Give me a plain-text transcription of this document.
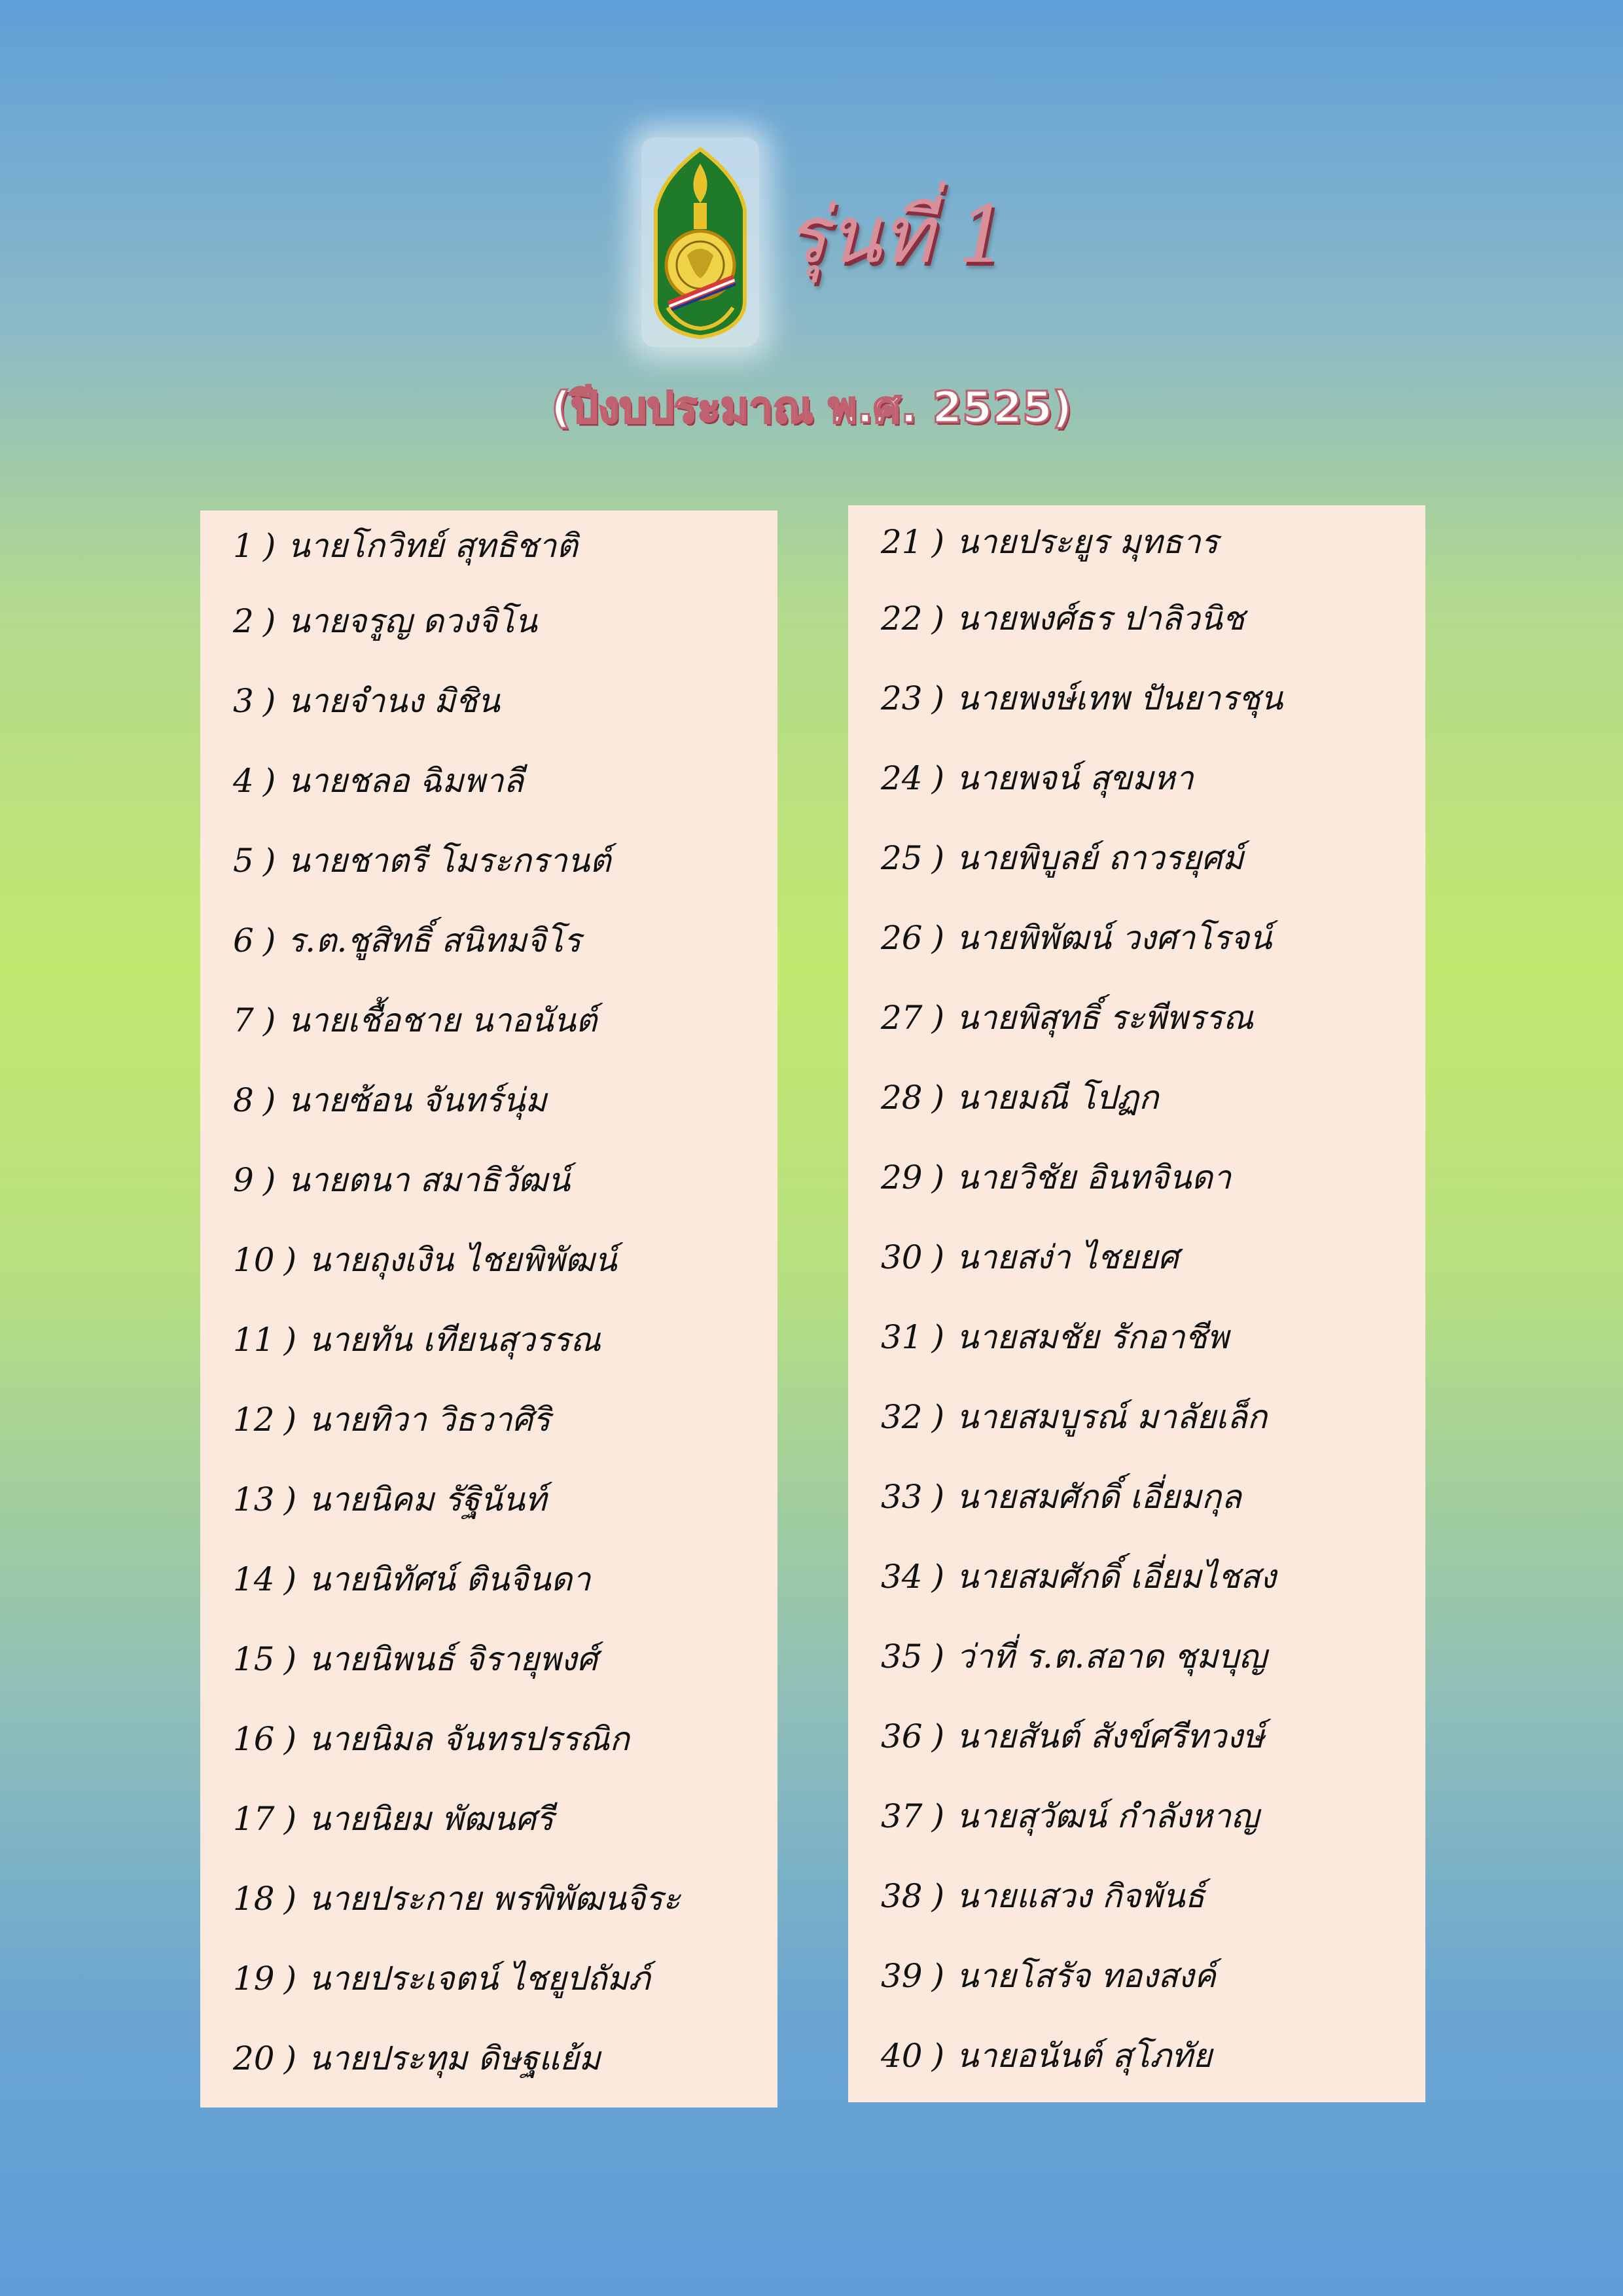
รุ่นที่ 1
(ปีงบประมาณ พ.ศ. 2525)
1 ) นายโกวิทย์ สุทธิชาติ
2 ) นายจรูญ ดวงจิโน
3 ) นายจำนง มิชิน
4 ) นายชลอ ฉิมพาลี
5 ) นายชาตรี โมระกรานต์
6 ) ร.ต.ชูสิทธิ์ สนิทมจิโร
7 ) นายเชื้อชาย นาอนันต์
8 ) นายซ้อน จันทร์นุ่ม
9 ) นายตนา สมาธิวัฒน์
10 ) นายถุงเงิน ไชยพิพัฒน์
11 ) นายทัน เทียนสุวรรณ
12 ) นายทิวา วิธวาศิริ
13 ) นายนิคม รัฐินันท์
14 ) นายนิทัศน์ ตินจินดา
15 ) นายนิพนธ์ จิรายุพงศ์
16 ) นายนิมล จันทรปรรณิก
17 ) นายนิยม พัฒนศรี
18 ) นายประกาย พรพิพัฒนจิระ
19 ) นายประเจตน์ ไชยูปถัมภ์
20 ) นายประทุม ดิษฐแย้ม
21 ) นายประยูร มุทธาร
22 ) นายพงศ์ธร ปาลิวนิช
23 ) นายพงษ์เทพ ปันยารชุน
24 ) นายพจน์ สุขมหา
25 ) นายพิบูลย์ ถาวรยุศม์
26 ) นายพิพัฒน์ วงศาโรจน์
27 ) นายพิสุทธิ์ ระพีพรรณ
28 ) นายมณี โปฏก
29 ) นายวิชัย อินทจินดา
30 ) นายสง่า ไชยยศ
31 ) นายสมชัย รักอาชีพ
32 ) นายสมบูรณ์ มาลัยเล็ก
33 ) นายสมศักดิ์ เอี่ยมกุล
34 ) นายสมศักดิ์ เอี่ยมไชสง
35 ) ว่าที่ ร.ต.สอาด ชุมบุญ
36 ) นายสันต์ สังข์ศรีทวงษ์
37 ) นายสุวัฒน์ กำลังหาญ
38 ) นายแสวง กิจพันธ์
39 ) นายโสรัจ ทองสงค์
40 ) นายอนันต์ สุโภทัย
